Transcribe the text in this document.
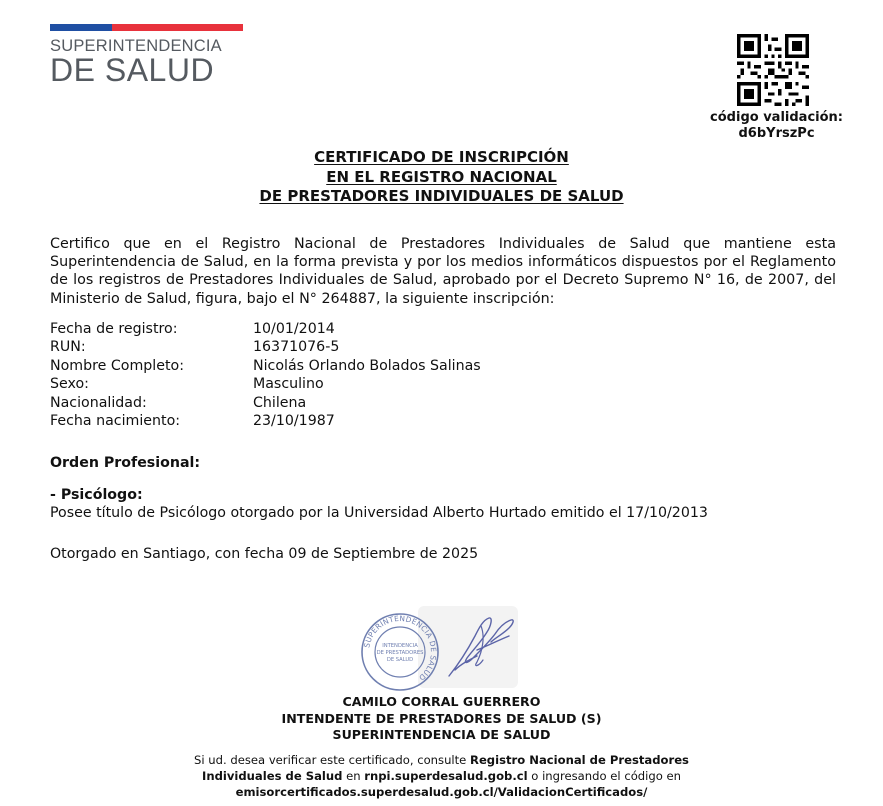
SUPERINTENDENCIA
DE SALUD
código validación:
d6bYrszPc
CERTIFICADO DE INSCRIPCIÓN
EN EL REGISTRO NACIONAL
DE PRESTADORES INDIVIDUALES DE SALUD
Certifico que en el Registro Nacional de Prestadores Individuales de Salud que mantiene esta Superintendencia de Salud, en la forma prevista y por los medios informáticos dispuestos por el Reglamento de los registros de Prestadores Individuales de Salud, aprobado por el Decreto Supremo N° 16, de 2007, del Ministerio de Salud, figura, bajo el N° 264887, la siguiente inscripción:
Fecha de registro:	10/01/2014
RUN:	16371076-5
Nombre Completo:	Nicolás Orlando Bolados Salinas
Sexo:	Masculino
Nacionalidad:	Chilena
Fecha nacimiento:	23/10/1987
Orden Profesional:
- Psicólogo:
Posee título de Psicólogo otorgado por la Universidad Alberto Hurtado emitido el 17/10/2013
Otorgado en Santiago, con fecha 09 de Septiembre de 2025
SUPERINTENDENCIA DE SALUD
INTENDENCIA
DE PRESTADORES
DE SALUD
CAMILO CORRAL GUERRERO
INTENDENTE DE PRESTADORES DE SALUD (S)
SUPERINTENDENCIA DE SALUD
Si ud. desea verificar este certificado, consulte Registro Nacional de Prestadores
Individuales de Salud en rnpi.superdesalud.gob.cl o ingresando el código en
emisorcertificados.superdesalud.gob.cl/ValidacionCertificados/
